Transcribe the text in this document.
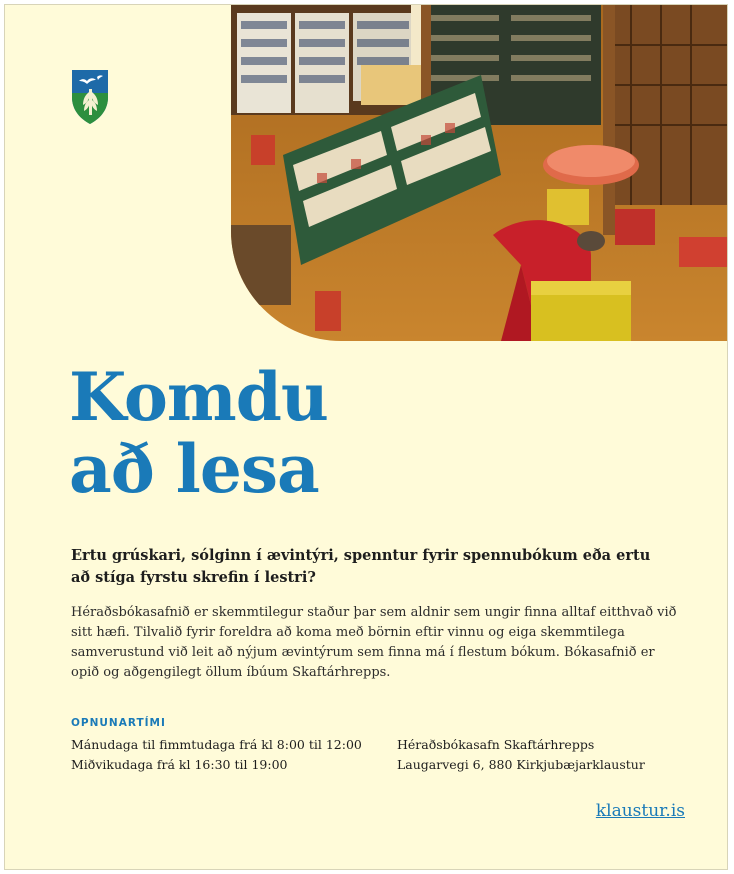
Komdu
að lesa

Ertu grúskari, sólginn í ævintýri, spenntur fyrir spennubókum eða ertu að stíga fyrstu skrefin í lestri?

Héraðsbókasafnið er skemmtilegur staður þar sem aldnir sem ungir finna alltaf eitthvað við sitt hæfi. Tilvalið fyrir foreldra að koma með börnin eftir vinnu og eiga skemmtilega samverustund við leit að nýjum ævintýrum sem finna má í flestum bókum. Bókasafnið er opið og aðgengilegt öllum íbúum Skaftárhrepps.

OPNUNARTÍMI
Mánudaga til fimmtudaga frá kl 8:00 til 12:00
Miðvikudaga frá kl 16:30 til 19:00
Héraðsbókasafn Skaftárhrepps
Laugarvegi 6, 880 Kirkjubæjarklaustur
klaustur.is
